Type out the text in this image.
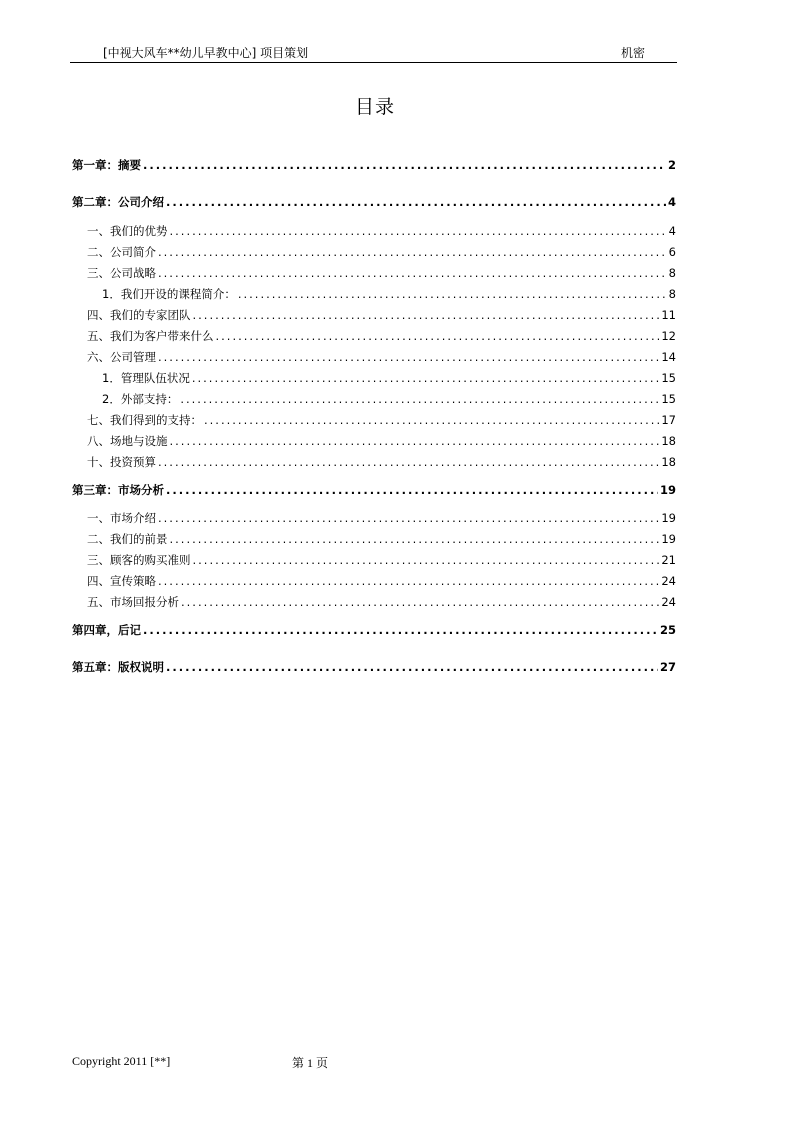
[中视大风车**幼儿早教中心] 项目策划	机密
目录
第一章：摘要 .....	2
第二章：公司介绍 .....	4
一、我们的优势 .....	4
二、公司简介 .....	6
三、公司战略 .....	8
1．我们开设的课程简介： .....	8
四、我们的专家团队 .....	11
五、我们为客户带来什么 .....	12
六、公司管理 .....	14
1．管理队伍状况 .....	15
2．外部支持： .....	15
七、我们得到的支持： .....	17
八、场地与设施 .....	18
十、投资预算 .....	18
第三章：市场分析 .....	19
一、市场介绍 .....	19
二、我们的前景 .....	19
三、顾客的购买准则 .....	21
四、宣传策略 .....	24
五、市场回报分析 .....	24
第四章，后记 .....	25
第五章：版权说明 .....	27
Copyright 2011 [**]	第 1 页
